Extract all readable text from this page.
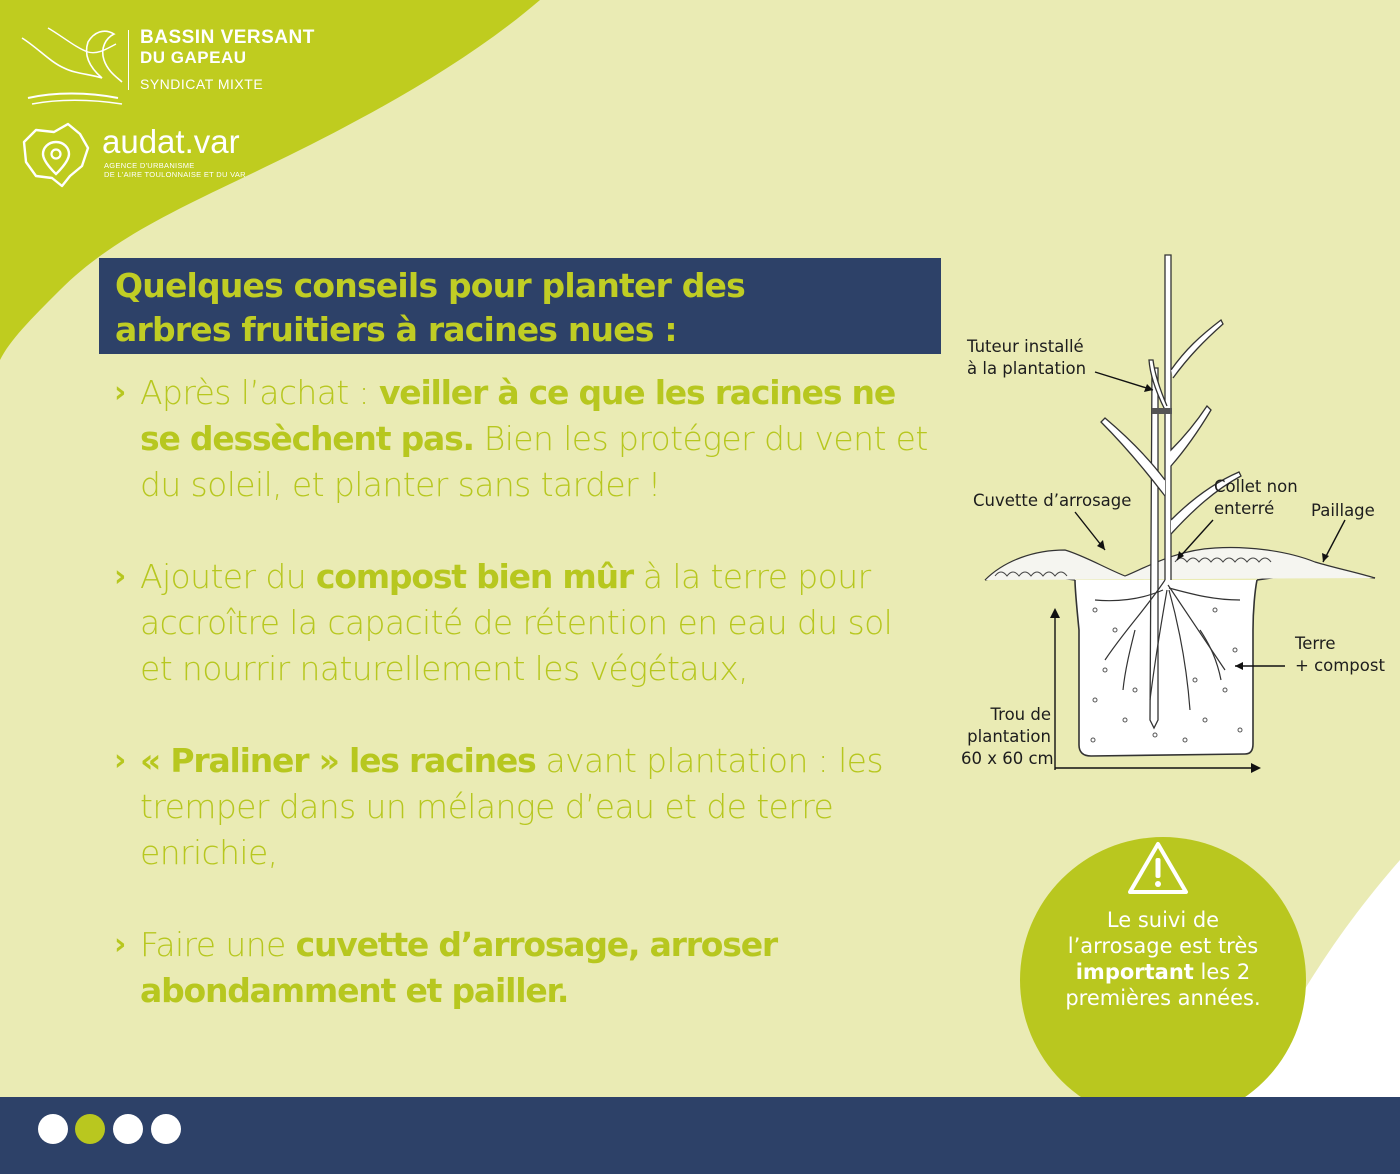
BASSIN VERSANT
DU GAPEAU
SYNDICAT MIXTE
audat.var
AGENCE D'URBANISME
DE L'AIRE TOULONNAISE ET DU VAR
Quelques conseils pour planter des
arbres fruitiers à racines nues :
› Après l’achat : veiller à ce que les racines ne se dessèchent pas. Bien les protéger du vent et du soleil, et planter sans tarder !
› Ajouter du compost bien mûr à la terre pour accroître la capacité de rétention en eau du sol et nourrir naturellement les végétaux,
› « Praliner » les racines avant plantation : les tremper dans un mélange d’eau et de terre enrichie,
› Faire une cuvette d’arrosage, arroser abondamment et pailler.
Tuteur installé
à la plantation
Cuvette d’arrosage
Collet non
enterré	Paillage
Terre
+ compost
Trou de
plantation
60 x 60 cm
Le suivi de
l’arrosage est très
important les 2
premières années.
